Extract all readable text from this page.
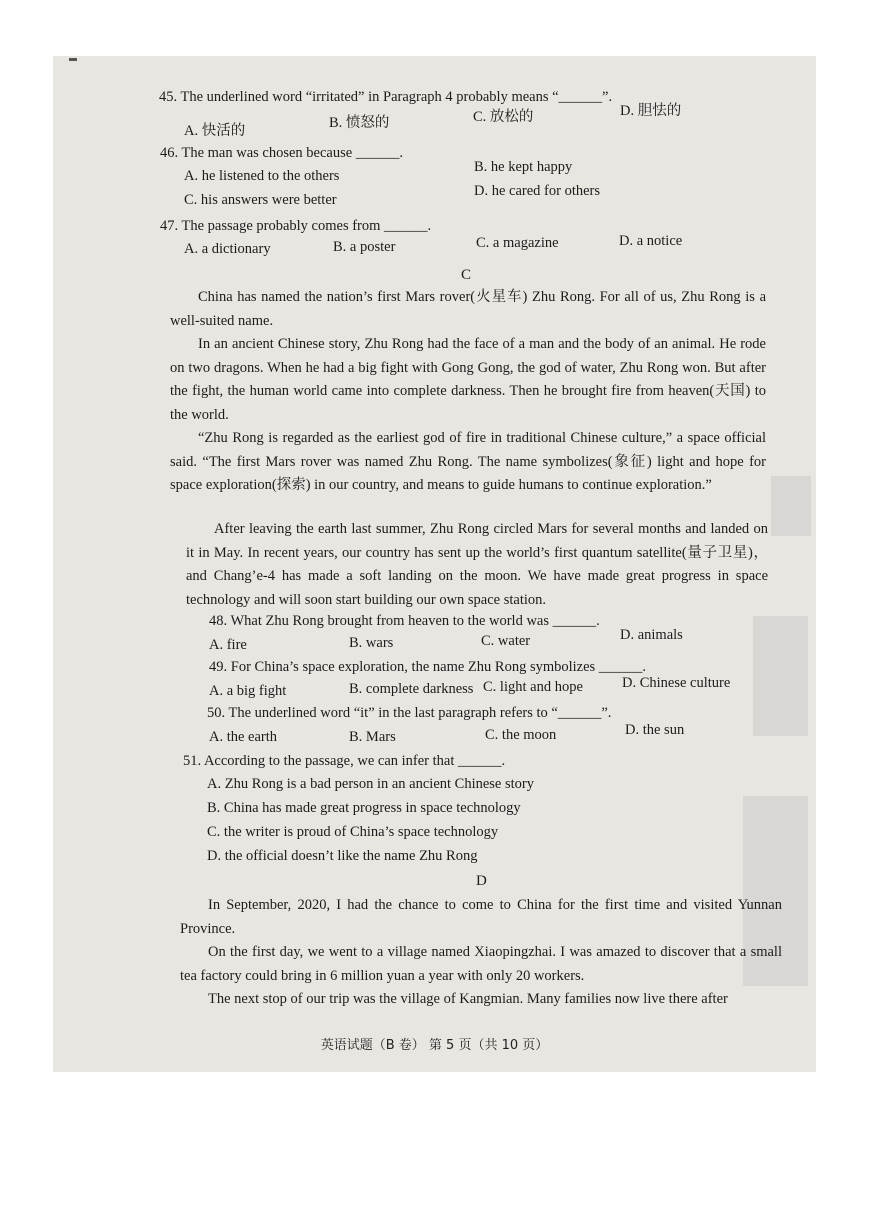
45. The underlined word “irritated” in Paragraph 4 probably means “______”.
A. 快活的	B. 愤怒的	C. 放松的	D. 胆怯的
46. The man was chosen because ______.
A. he listened to the others
B. he kept happy
C. his answers were better
D. he cared for others
47. The passage probably comes from ______.
A. a dictionary	B. a poster	C. a magazine	D. a notice
C
China has named the nation’s first Mars rover(火星车) Zhu Rong. For all of us, Zhu Rong is a well-suited name.
In an ancient Chinese story, Zhu Rong had the face of a man and the body of an animal. He rode on two dragons. When he had a big fight with Gong Gong, the god of water, Zhu Rong won. But after the fight, the human world came into complete darkness. Then he brought fire from heaven(天国) to the world.
“Zhu Rong is regarded as the earliest god of fire in traditional Chinese culture,” a space official said. “The first Mars rover was named Zhu Rong. The name symbolizes(象征) light and hope for space exploration(探索) in our country, and means to guide humans to continue exploration.”
After leaving the earth last summer, Zhu Rong circled Mars for several months and landed on it in May. In recent years, our country has sent up the world’s first quantum satellite(量子卫星)，and Chang’e-4 has made a soft landing on the moon. We have made great progress in space technology and will soon start building our own space station.
48. What Zhu Rong brought from heaven to the world was ______.
A. fire	B. wars	C. water	D. animals
49. For China’s space exploration, the name Zhu Rong symbolizes ______.
A. a big fight	B. complete darkness C. light and hope	D. Chinese culture
50. The underlined word “it” in the last paragraph refers to “______”.
A. the earth	B. Mars	C. the moon	D. the sun
51. According to the passage, we can infer that ______.
A. Zhu Rong is a bad person in an ancient Chinese story
B. China has made great progress in space technology
C. the writer is proud of China’s space technology
D. the official doesn’t like the name Zhu Rong
D
In September, 2020, I had the chance to come to China for the first time and visited Yunnan Province.
On the first day, we went to a village named Xiaopingzhai. I was amazed to discover that a small tea factory could bring in 6 million yuan a year with only 20 workers.
The next stop of our trip was the village of Kangmian. Many families now live there after
英语试题（B 卷） 第 5 页（共 10 页）
